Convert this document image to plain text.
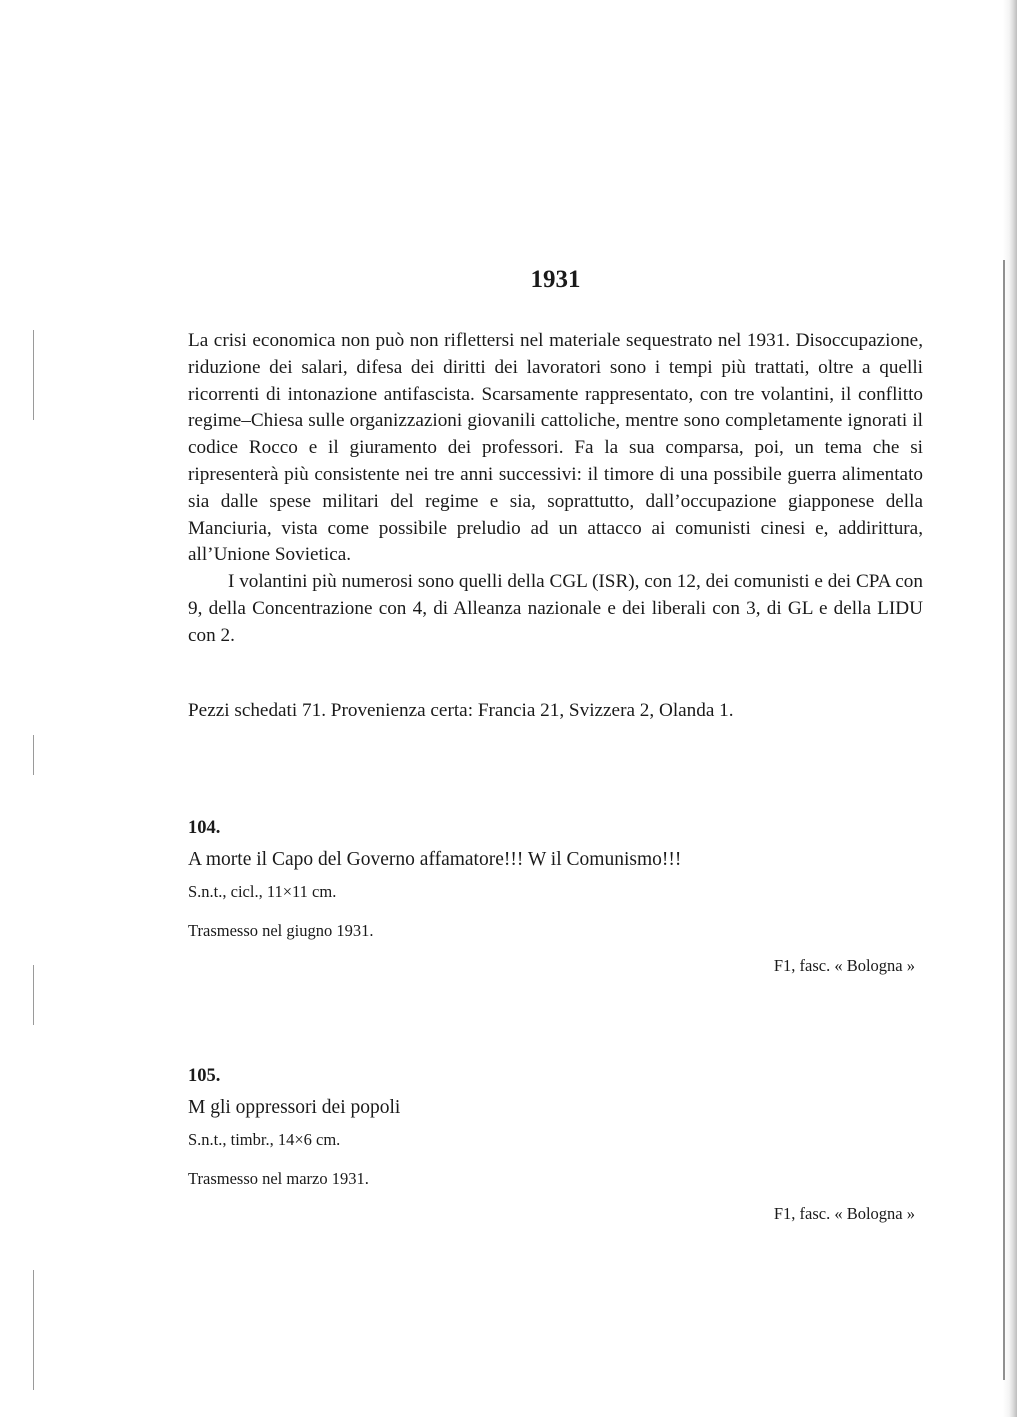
1931

La crisi economica non può non riflettersi nel materiale sequestrato nel 1931. Disoccupazione, riduzione dei salari, difesa dei diritti dei lavoratori sono i tempi più trattati, oltre a quelli ricorrenti di intonazione antifascista. Scarsamente rappresentato, con tre volantini, il conflitto regime–Chiesa sulle organizzazioni giovanili cattoliche, mentre sono completamente ignorati il codice Rocco e il giuramento dei professori. Fa la sua comparsa, poi, un tema che si ripresenterà più consistente nei tre anni successivi: il timore di una possibile guerra alimentato sia dalle spese militari del regime e sia, soprattutto, dall’occupazione giapponese della Manciuria, vista come possibile preludio ad un attacco ai comunisti cinesi e, addirittura, all’Unione Sovietica.

I volantini più numerosi sono quelli della CGL (ISR), con 12, dei comunisti e dei CPA con 9, della Concentrazione con 4, di Alleanza nazionale e dei liberali con 3, di GL e della LIDU con 2.

Pezzi schedati 71. Provenienza certa: Francia 21, Svizzera 2, Olanda 1.

104.

A morte il Capo del Governo affamatore!!! W il Comunismo!!!

S.n.t., cicl., 11×11 cm.

Trasmesso nel giugno 1931.

F1, fasc. « Bologna »

105.

M gli oppressori dei popoli

S.n.t., timbr., 14×6 cm.

Trasmesso nel marzo 1931.

F1, fasc. « Bologna »
